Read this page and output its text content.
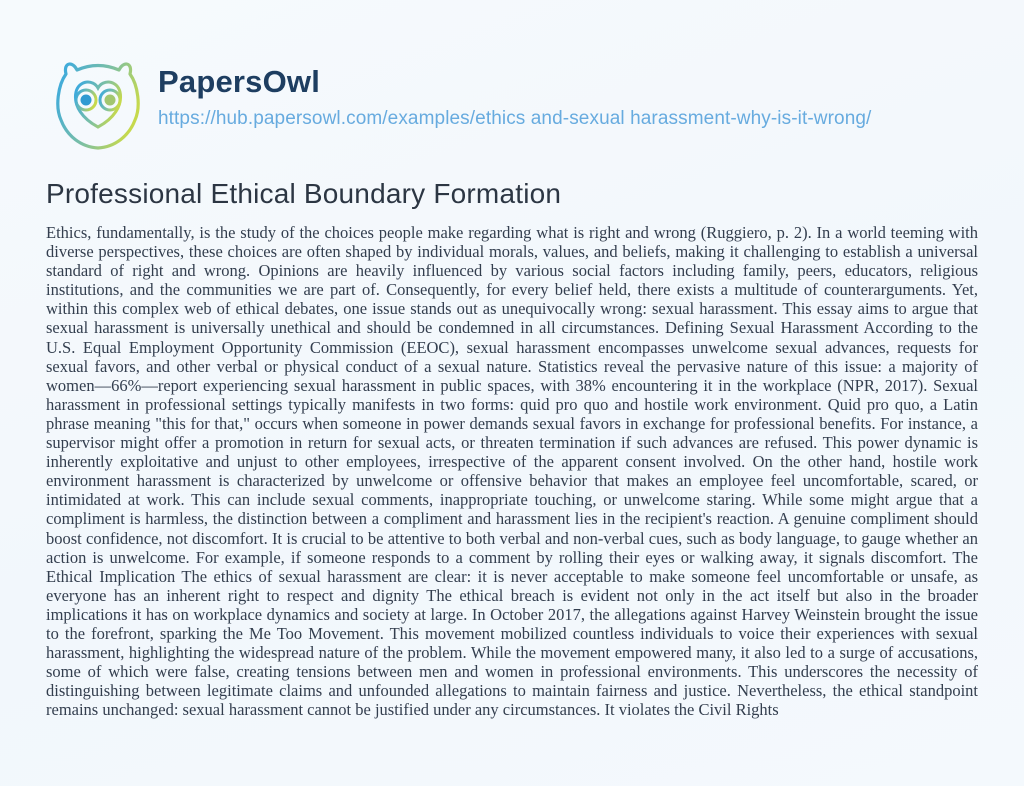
PapersOwl
https://hub.papersowl.com/examples/ethics and-sexual harassment-why-is-it-wrong/
Professional Ethical Boundary Formation

Ethics, fundamentally, is the study of the choices people make regarding what is right and wrong (Ruggiero, p. 2). In a world teeming with diverse perspectives, these choices are often shaped by individual morals, values, and beliefs, making it challenging to establish a universal standard of right and wrong. Opinions are heavily influenced by various social factors including family, peers, educators, religious institutions, and the communities we are part of. Consequently, for every belief held, there exists a multitude of counterarguments. Yet, within this complex web of ethical debates, one issue stands out as unequivocally wrong: sexual harassment. This essay aims to argue that sexual harassment is universally unethical and should be condemned in all circumstances. Defining Sexual Harassment According to the U.S. Equal Employment Opportunity Commission (EEOC), sexual harassment encompasses unwelcome sexual advances, requests for sexual favors, and other verbal or physical conduct of a sexual nature. Statistics reveal the pervasive nature of this issue: a majority of women—66%—report experiencing sexual harassment in public spaces, with 38% encountering it in the workplace (NPR, 2017). Sexual harassment in professional settings typically manifests in two forms: quid pro quo and hostile work environment. Quid pro quo, a Latin phrase meaning "this for that," occurs when someone in power demands sexual favors in exchange for professional benefits. For instance, a supervisor might offer a promotion in return for sexual acts, or threaten termination if such advances are refused. This power dynamic is inherently exploitative and unjust to other employees, irrespective of the apparent consent involved. On the other hand, hostile work environment harassment is characterized by unwelcome or offensive behavior that makes an employee feel uncomfortable, scared, or intimidated at work. This can include sexual comments, inappropriate touching, or unwelcome staring. While some might argue that a compliment is harmless, the distinction between a compliment and harassment lies in the recipient's reaction. A genuine compliment should boost confidence, not discomfort. It is crucial to be attentive to both verbal and non-verbal cues, such as body language, to gauge whether an action is unwelcome. For example, if someone responds to a comment by rolling their eyes or walking away, it signals discomfort. The Ethical Implication The ethics of sexual harassment are clear: it is never acceptable to make someone feel uncomfortable or unsafe, as everyone has an inherent right to respect and dignity The ethical breach is evident not only in the act itself but also in the broader implications it has on workplace dynamics and society at large. In October 2017, the allegations against Harvey Weinstein brought the issue to the forefront, sparking the Me Too Movement. This movement mobilized countless individuals to voice their experiences with sexual harassment, highlighting the widespread nature of the problem. While the movement empowered many, it also led to a surge of accusations, some of which were false, creating tensions between men and women in professional environments. This underscores the necessity of distinguishing between legitimate claims and unfounded allegations to maintain fairness and justice. Nevertheless, the ethical standpoint remains unchanged: sexual harassment cannot be justified under any circumstances. It violates the Civil Rights
